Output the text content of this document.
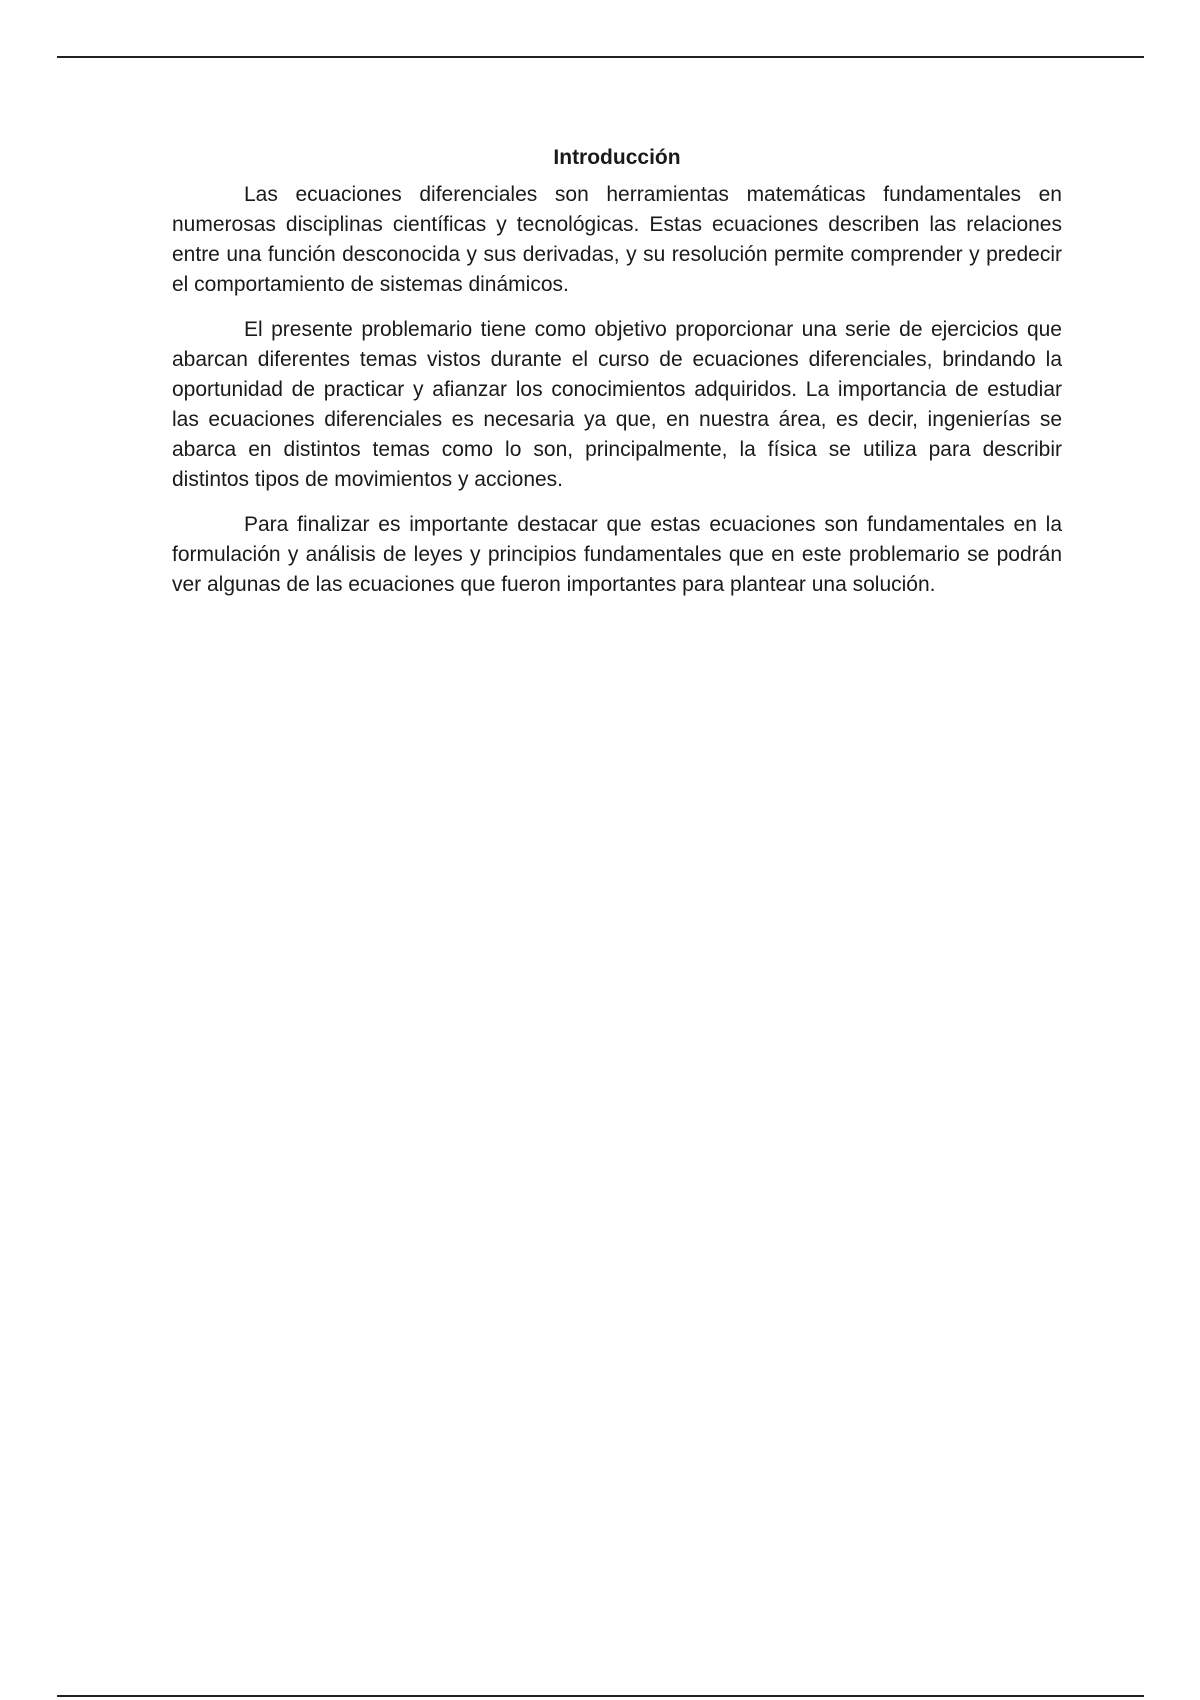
Introducción

Las ecuaciones diferenciales son herramientas matemáticas fundamentales en numerosas disciplinas científicas y tecnológicas. Estas ecuaciones describen las relaciones entre una función desconocida y sus derivadas, y su resolución permite comprender y predecir el comportamiento de sistemas dinámicos.

El presente problemario tiene como objetivo proporcionar una serie de ejercicios que abarcan diferentes temas vistos durante el curso de ecuaciones diferenciales, brindando la oportunidad de practicar y afianzar los conocimientos adquiridos. La importancia de estudiar las ecuaciones diferenciales es necesaria ya que, en nuestra área, es decir, ingenierías se abarca en distintos temas como lo son, principalmente, la física se utiliza para describir distintos tipos de movimientos y acciones.

Para finalizar es importante destacar que estas ecuaciones son fundamentales en la formulación y análisis de leyes y principios fundamentales que en este problemario se podrán ver algunas de las ecuaciones que fueron importantes para plantear una solución.
